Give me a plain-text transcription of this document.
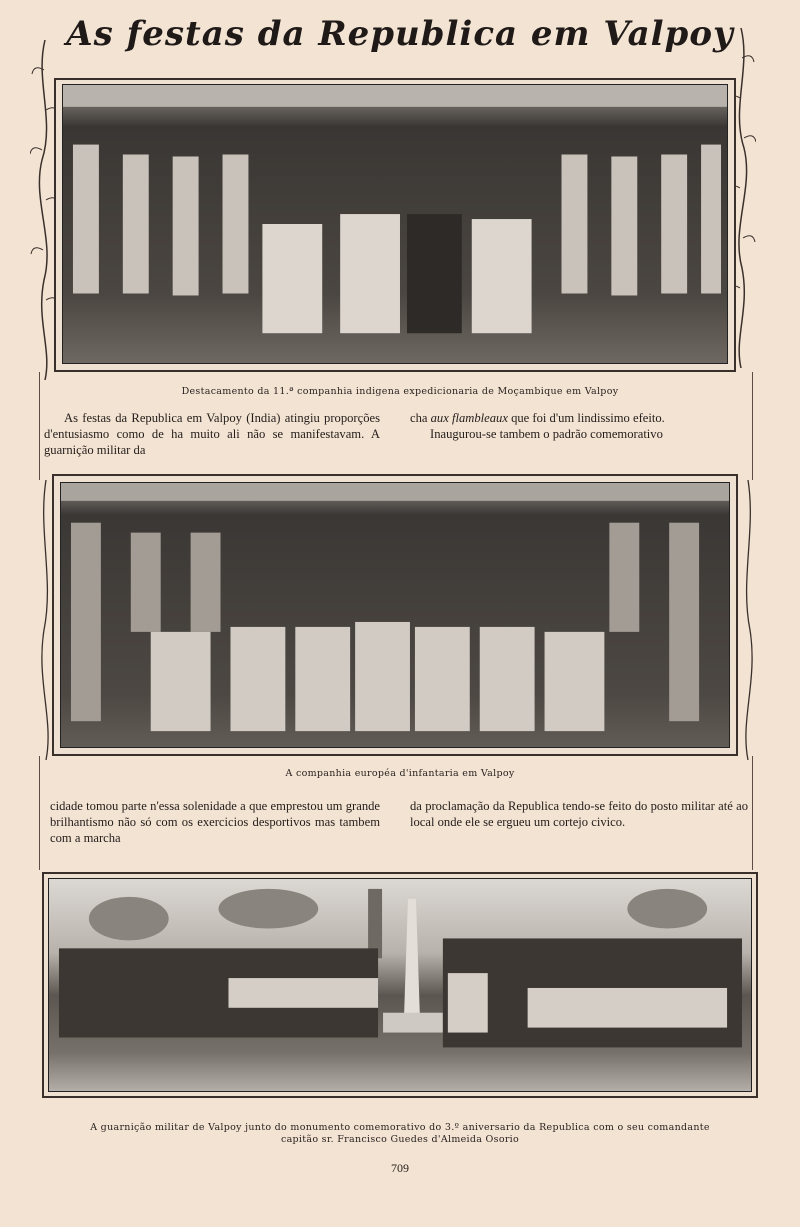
As festas da Republica em Valpoy
Destacamento da 11.ª companhia indigena expedicionaria de Moçambique em Valpoy

As festas da Republica em Valpoy (India) atingiu proporções d'entusiasmo como de ha muito ali não se manifestavam. A guarnição militar da

cha aux flambleaux que foi d'um lindissimo efeito.

Inaugurou-se tambem o padrão comemorativo

A companhia européa d'infantaria em Valpoy

cidade tomou parte n'essa solenidade a que emprestou um grande brilhantismo não só com os exercicios desportivos mas tambem com a marcha

da proclamação da Republica tendo-se feito do posto militar até ao local onde ele se ergueu um cortejo civico.

A guarnição militar de Valpoy junto do monumento comemorativo do 3.º aniversario da Republica com o seu comandante
capitão sr. Francisco Guedes d'Almeida Osorio
709
